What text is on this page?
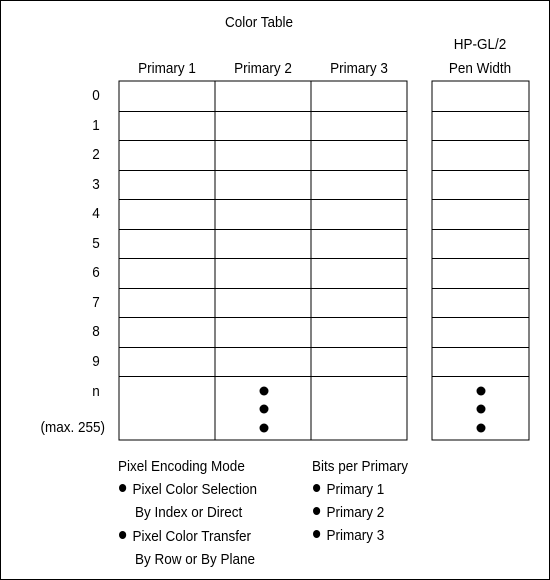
Color Table
Primary 1	Primary 2	Primary 3
HP-GL/2
Pen Width
0
1
2
3
4
5
6
7
8
9
n
(max. 255)
Pixel Encoding Mode
Pixel Color Selection
By Index or Direct
Pixel Color Transfer
By Row or By Plane
Bits per Primary
Primary 1
Primary 2
Primary 3
